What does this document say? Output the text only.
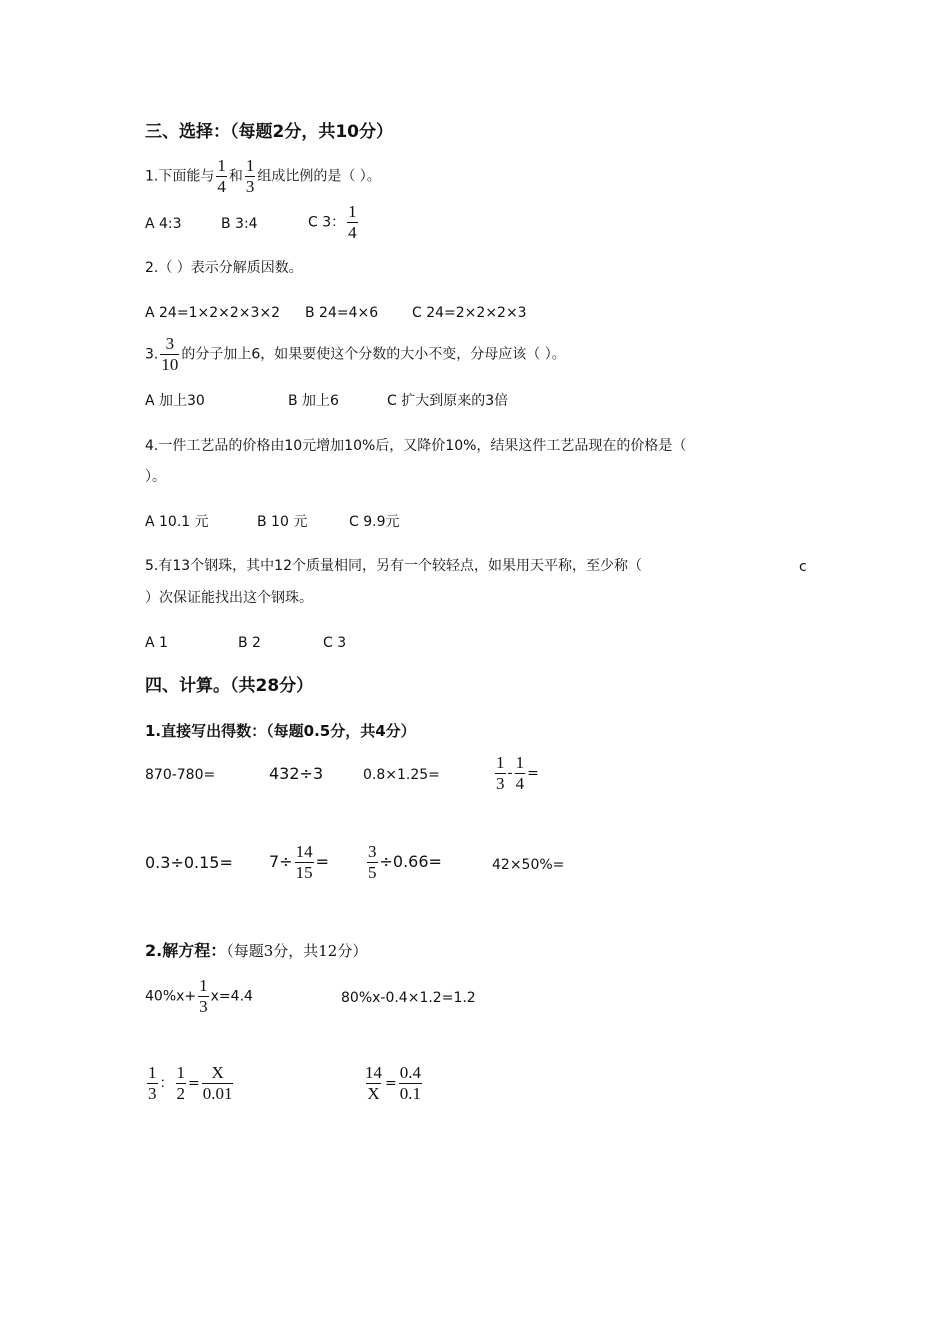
三、选择：（每题2分，共10分）
1.下面能与 $\frac{1}{4}$ 和 $\frac{1}{3}$ 组成比例的是（ ）。
A 4:3	B 3:4	C 3： $\frac{1}{4}$
2.（ ）表示分解质因数。
A 24=1×2×2×3×2 B 24=4×6 C 24=2×2×2×3
3. $\frac{3}{10}$ 的分子加上6，如果要使这个分数的大小不变，分母应该（ ）。
A 加上30	B 加上6	C 扩大到原来的3倍
4.一件工艺品的价格由10元增加10%后，又降价10%，结果这件工艺品现在的价格是（
）。
A 10.1 元	B 10 元	C 9.9元
5.有13个钢珠，其中12个质量相同，另有一个较轻点，如果用天平称，至少称（	c
）次保证能找出这个钢珠。
A 1	B 2	C 3
四、计算。（共28分）
1.直接写出得数：（每题0.5分，共4分）
870-780=	432÷3	0.8×1.25=	$\frac{1}{3} - \frac{1}{4}$ =
$0.3\div 0.15= 7\div \frac{14}{15} = \frac{3}{5} \div 0.66=$	42×50%=
2.解方程：（每题3分，共12分）
$40\%x+ \frac{1}{3} x=4.4$	80%x-0.4×1.2=1.2
$\frac{1}{3}$ ： $\frac{1}{2} = \frac{X}{0.01}$	$\frac{14}{X} = \frac{0.4}{0.1}$
